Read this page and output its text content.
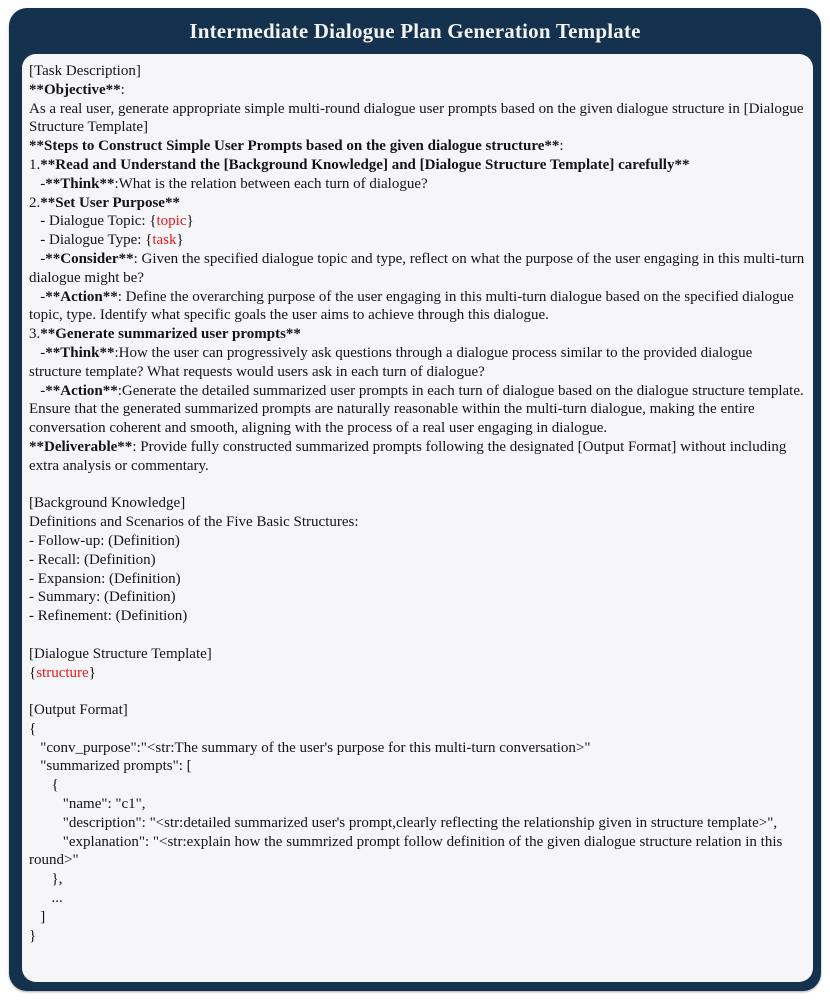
Intermediate Dialogue Plan Generation Template
[Task Description]
**Objective**:
As a real user, generate appropriate simple multi-round dialogue user prompts based on the given dialogue structure in [Dialogue Structure Template]
**Steps to Construct Simple User Prompts based on the given dialogue structure**:
1.**Read and Understand the [Background Knowledge] and [Dialogue Structure Template] carefully**
-**Think**:What is the relation between each turn of dialogue?
2.**Set User Purpose**
- Dialogue Topic: {topic}
- Dialogue Type: {task}
-**Consider**: Given the specified dialogue topic and type, reflect on what the purpose of the user engaging in this multi-turn dialogue might be?
-**Action**: Define the overarching purpose of the user engaging in this multi-turn dialogue based on the specified dialogue topic, type. Identify what specific goals the user aims to achieve through this dialogue.
3.**Generate summarized user prompts**
-**Think**:How the user can progressively ask questions through a dialogue process similar to the provided dialogue structure template? What requests would users ask in each turn of dialogue?
-**Action**:Generate the detailed summarized user prompts in each turn of dialogue based on the dialogue structure template. Ensure that the generated summarized prompts are naturally reasonable within the multi-turn dialogue, making the entire conversation coherent and smooth, aligning with the process of a real user engaging in dialogue.
**Deliverable**: Provide fully constructed summarized prompts following the designated [Output Format] without including extra analysis or commentary.

[Background Knowledge]
Definitions and Scenarios of the Five Basic Structures:
- Follow-up: (Definition)
- Recall: (Definition)
- Expansion: (Definition)
- Summary: (Definition)
- Refinement: (Definition)

[Dialogue Structure Template]
{structure}

[Output Format]
{
"conv_purpose":"<str:The summary of the user's purpose for this multi-turn conversation>"
"summarized prompts": [
{
"name": "c1",
"description": "<str:detailed summarized user's prompt,clearly reflecting the relationship given in structure template>",
"explanation": "<str:explain how the summrized prompt follow definition of the given dialogue structure relation in this round>"
},
...
]
}
